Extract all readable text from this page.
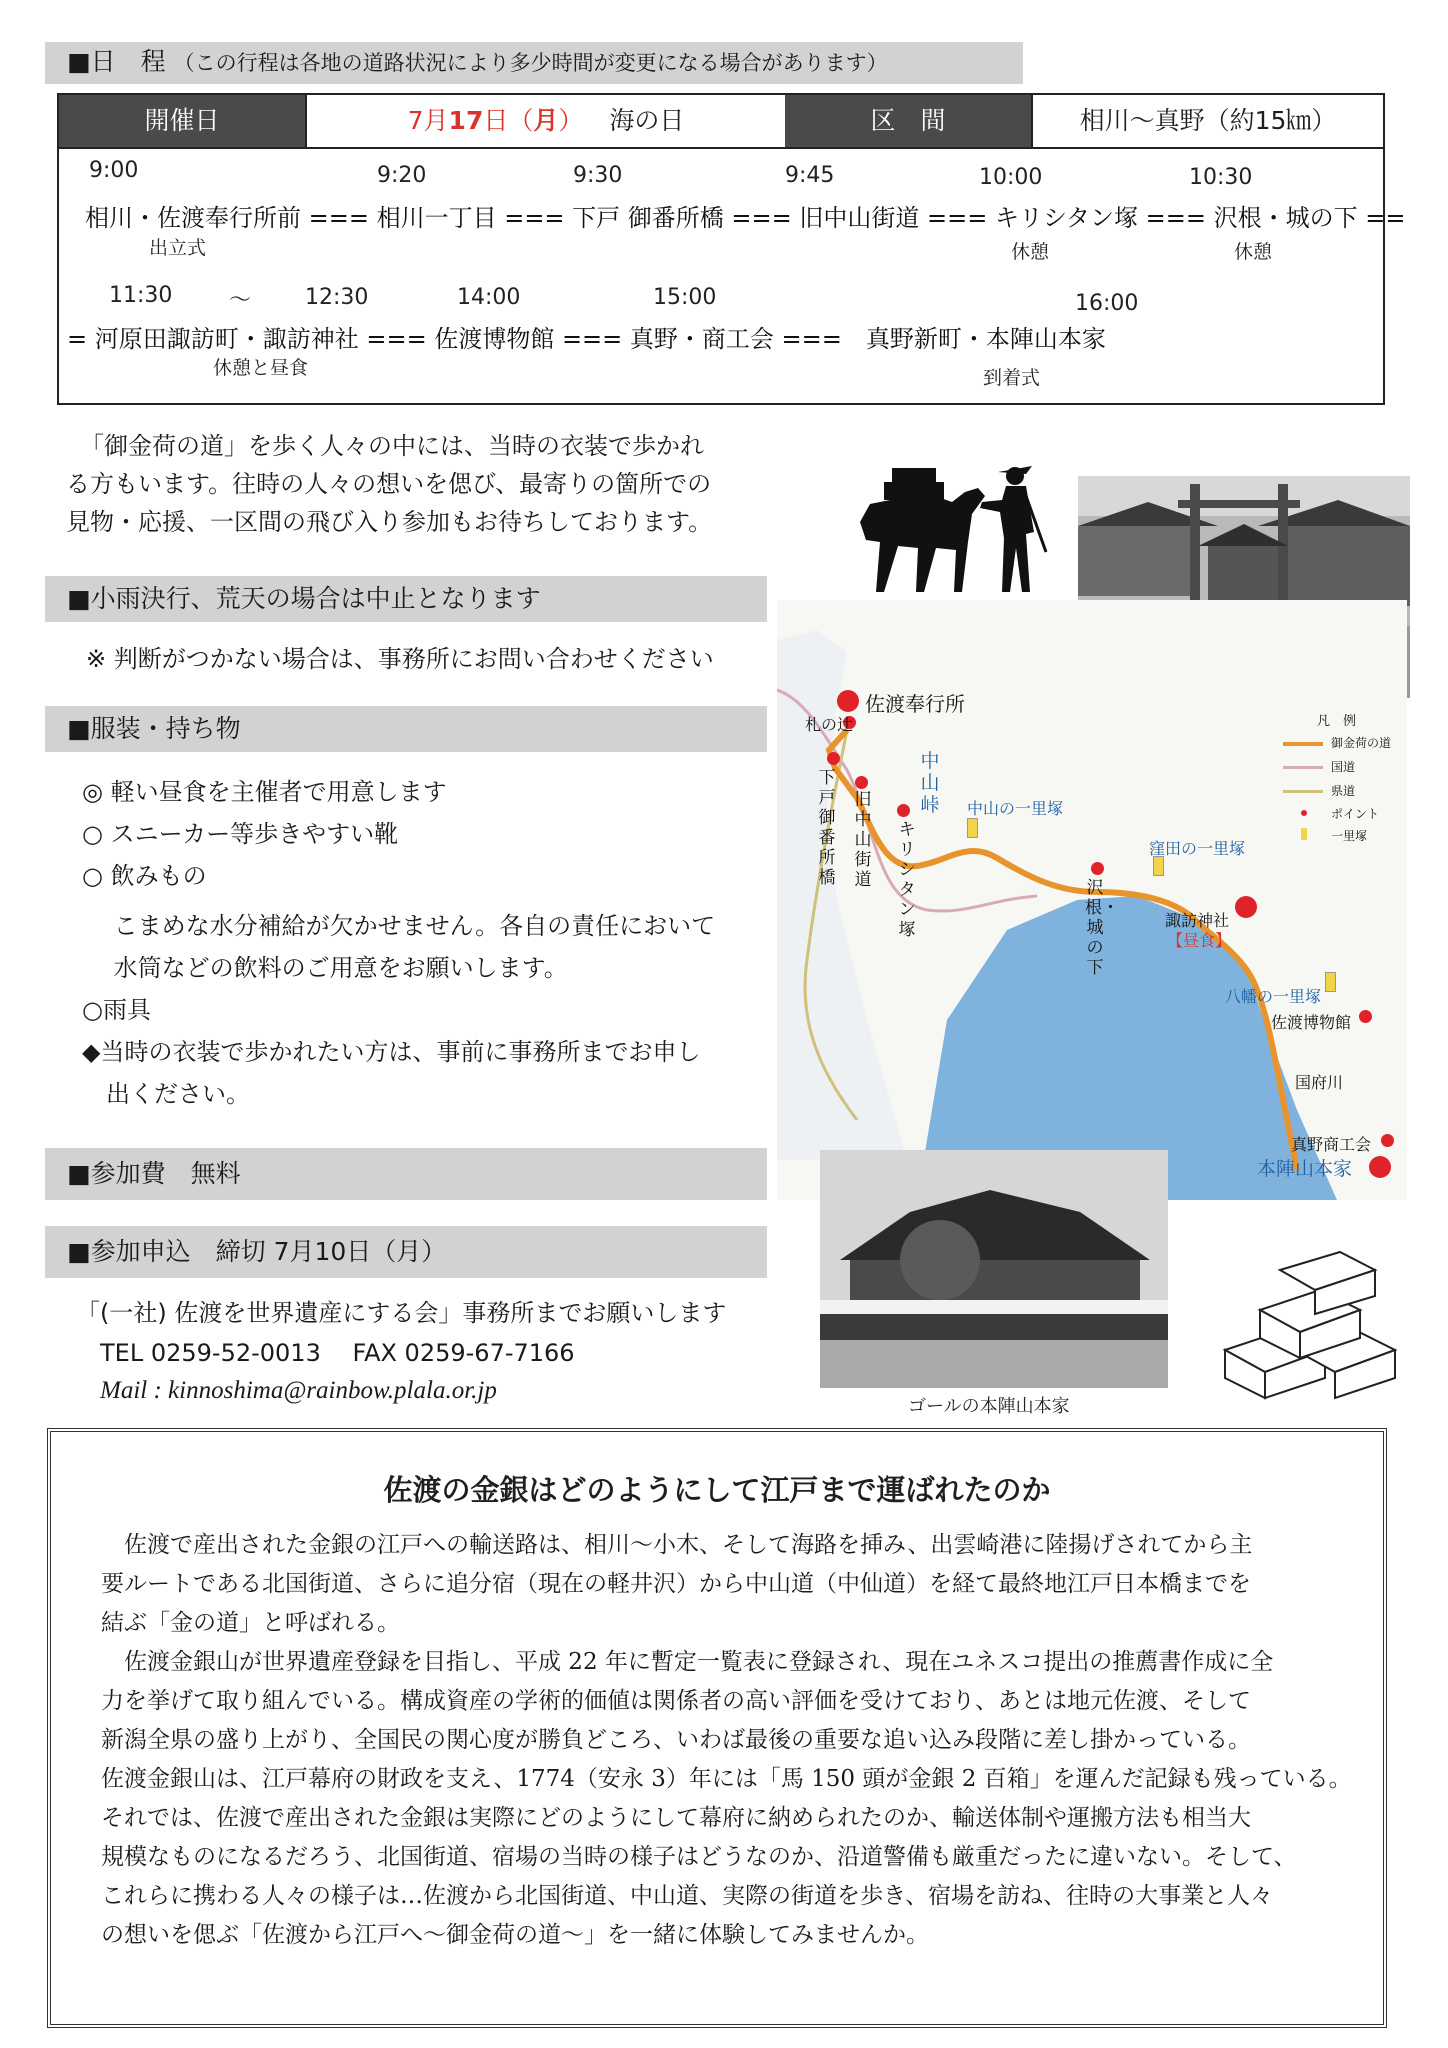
■日　程 （この行程は各地の道路状況により多少時間が変更になる場合があります）
開催日	7月17日（月） 海の日	区　間	相川～真野（約15㎞）
9:00	9:20	9:30	9:45	10:00	10:30
相川・佐渡奉行所前 === 相川一丁目 === 下戸 御番所橋 === 旧中山街道 === キリシタン塚 === 沢根・城の下 ==
出立式	休憩	休憩
11:30	～ 12:30	14:00	15:00	16:00
= 河原田諏訪町・諏訪神社 === 佐渡博物館 === 真野・商工会 ===　真野新町・本陣山本家
休憩と昼食	到着式
「御金荷の道」を歩く人々の中には、当時の衣装で歩かれ
る方もいます。往時の人々の想いを偲び、最寄りの箇所での
見物・応援、一区間の飛び入り参加もお待ちしております。
■小雨決行、荒天の場合は中止となります
※ 判断がつかない場合は、事務所にお問い合わせください
■服装・持ち物
◎ 軽い昼食を主催者で用意します
○ スニーカー等歩きやすい靴
○ 飲みもの
　 こまめな水分補給が欠かせません。各自の責任において
　 水筒などの飲料のご用意をお願いします。
○雨具
◆当時の衣装で歩かれたい方は、事前に事務所までお申し
　出ください。
■参加費　無料
■参加申込　締切 7月10日（月）
「(一社) 佐渡を世界遺産にする会」事務所までお願いします
TEL 0259-52-0013　 FAX 0259-67-7166
Mail : kinnoshima@rainbow.plala.or.jp
佐渡奉行所
札の辻
下戸御番所橋
旧中山街道
中山峠
キリシタン塚
中山の一里塚
窪田の一里塚
沢根・城の下
諏訪神社
【昼食】
八幡の一里塚
佐渡博物館
国府川
真野商工会
本陣山本家
凡　例
御金荷の道
国道
県道
ポイント
一里塚
ゴールの本陣山本家
佐渡の金銀はどのようにして江戸まで運ばれたのか
　佐渡で産出された金銀の江戸への輸送路は、相川～小木、そして海路を挿み、出雲崎港に陸揚げされてから主
要ルートである北国街道、さらに追分宿（現在の軽井沢）から中山道（中仙道）を経て最終地江戸日本橋までを
結ぶ「金の道」と呼ばれる。
　佐渡金銀山が世界遺産登録を目指し、平成 22 年に暫定一覧表に登録され、現在ユネスコ提出の推薦書作成に全
力を挙げて取り組んでいる。構成資産の学術的価値は関係者の高い評価を受けており、あとは地元佐渡、そして
新潟全県の盛り上がり、全国民の関心度が勝負どころ、いわば最後の重要な追い込み段階に差し掛かっている。
佐渡金銀山は、江戸幕府の財政を支え、1774（安永 3）年には「馬 150 頭が金銀 2 百箱」を運んだ記録も残っている。
それでは、佐渡で産出された金銀は実際にどのようにして幕府に納められたのか、輸送体制や運搬方法も相当大
規模なものになるだろう、北国街道、宿場の当時の様子はどうなのか、沿道警備も厳重だったに違いない。そして、
これらに携わる人々の様子は…佐渡から北国街道、中山道、実際の街道を歩き、宿場を訪ね、往時の大事業と人々
の想いを偲ぶ「佐渡から江戸へ～御金荷の道～」を一緒に体験してみませんか。
